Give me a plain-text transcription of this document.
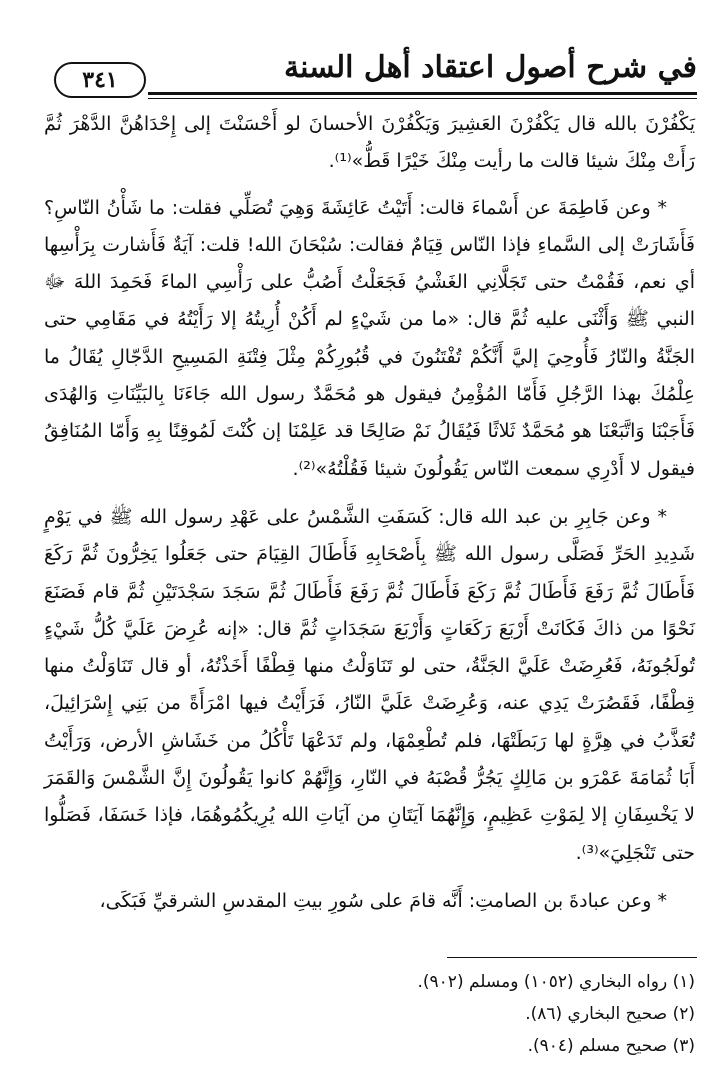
٣٤١	في شرح أصول اعتقاد أهل السنة

يَكْفُرْنَ بالله قال يَكْفُرْنَ العَشِيرَ وَيَكْفُرْنَ الأحسانَ لو أَحْسَنْتَ إلى إِحْدَاهُنَّ الدَّهْرَ ثُمَّ رَأَتْ مِنْكَ شيئا قالت ما رأيت مِنْكَ خَيْرًا قَطُّ»⁽¹⁾.

* وعن فَاطِمَةَ عن أَسْماءَ قالت: أَتَيْتُ عَائِشَةَ وَهِيَ تُصَلِّي فقلت: ما شَأْنُ النّاسِ؟ فَأَشَارَتْ إلى السَّماءِ فإذا النّاس قِيَامٌ فقالت: سُبْحَانَ الله! قلت: آيَةٌ فَأَشارت بِرَأْسِها أي نعم، فَقُمْتُ حتى تَجَلَّانِي الغَشْيُ فَجَعَلْتُ أَصُبُّ على رَأْسِي الماءَ فَحَمِدَ اللهَ ﷻ النبي ﷺ وَأَثْنَى عليه ثُمَّ قال: «ما من شَيْءٍ لم أَكُنْ أُرِيتُهُ إلا رَأَيْتُهُ في مَقَامِي حتى الجَنَّةُ والنّارُ فَأُوحِيَ إليَّ أَنَّكُمْ تُفْتَنُونَ في قُبُورِكُمْ مِثْلَ فِتْنَةِ المَسِيحِ الدَّجّالِ يُقَالُ ما عِلْمُكَ بهذا الرَّجُلِ فَأَمّا المُؤْمِنُ فيقول هو مُحَمَّدٌ رسول الله جَاءَنَا بِالبَيِّنَاتِ وَالهُدَى فَأَجَبْنَا وَاتَّبَعْنَا هو مُحَمَّدٌ ثَلاثًا فَيُقَالُ نَمْ صَالِحًا قد عَلِمْنَا إن كُنْتَ لَمُوقِنًا بِهِ وَأَمّا المُنَافِقُ فيقول لا أَدْرِي سمعت النّاس يَقُولُونَ شيئا فَقُلْتُهُ»⁽²⁾.

* وعن جَابِرِ بن عبد الله قال: كَسَفَتِ الشَّمْسُ على عَهْدِ رسول الله ﷺ في يَوْمٍ شَدِيدِ الحَرِّ فَصَلَّى رسول الله ﷺ بِأَصْحَابِهِ فَأَطَالَ القِيَامَ حتى جَعَلُوا يَخِرُّونَ ثُمَّ رَكَعَ فَأَطَالَ ثُمَّ رَفَعَ فَأَطَالَ ثُمَّ رَكَعَ فَأَطَالَ ثُمَّ رَفَعَ فَأَطَالَ ثُمَّ سَجَدَ سَجْدَتَيْنِ ثُمَّ قام فَصَنَعَ نَحْوًا من ذاكَ فَكَانَتْ أَرْبَعَ رَكَعَاتٍ وَأَرْبَعَ سَجَدَاتٍ ثُمَّ قال: «إنه عُرِضَ عَلَيَّ كُلُّ شَيْءٍ تُولَجُونَهُ، فَعُرِضَتْ عَلَيَّ الجَنَّةُ، حتى لو تَنَاوَلْتُ منها قِطْفًا أَخَذْتُهُ، أو قال تَنَاوَلْتُ منها قِطْفًا، فَقَصُرَتْ يَدِي عنه، وَعُرِضَتْ عَلَيَّ النّارُ، فَرَأَيْتُ فيها امْرَأَةً من بَنِي إِسْرَائِيلَ، تُعَذَّبُ في هِرَّةٍ لها رَبَطَتْهَا، فلم تُطْعِمْهَا، ولم تَدَعْهَا تَأْكُلُ من خَشَاشِ الأرض، وَرَأَيْتُ أَبَا ثُمَامَةَ عَمْرَو بن مَالِكٍ يَجُرُّ قُصْبَهُ في النّارِ، وَإِنَّهُمْ كانوا يَقُولُونَ إِنَّ الشَّمْسَ وَالقَمَرَ لا يَخْسِفَانِ إلا لِمَوْتِ عَظِيمٍ، وَإِنَّهُمَا آيَتَانِ من آيَاتِ الله يُرِيكُمُوهُمَا، فإذا خَسَفَا، فَصَلُّوا حتى تَنْجَلِيَ»⁽³⁾.

* وعن عبادةَ بن الصامتِ: أَنَّه قامَ على سُورِ بيتِ المقدسِ الشرقيِّ فَبَكَى،

(١) رواه البخاري (١٠٥٢) ومسلم (٩٠٢).

(٢) صحيح البخاري (٨٦).

(٣) صحيح مسلم (٩٠٤).
